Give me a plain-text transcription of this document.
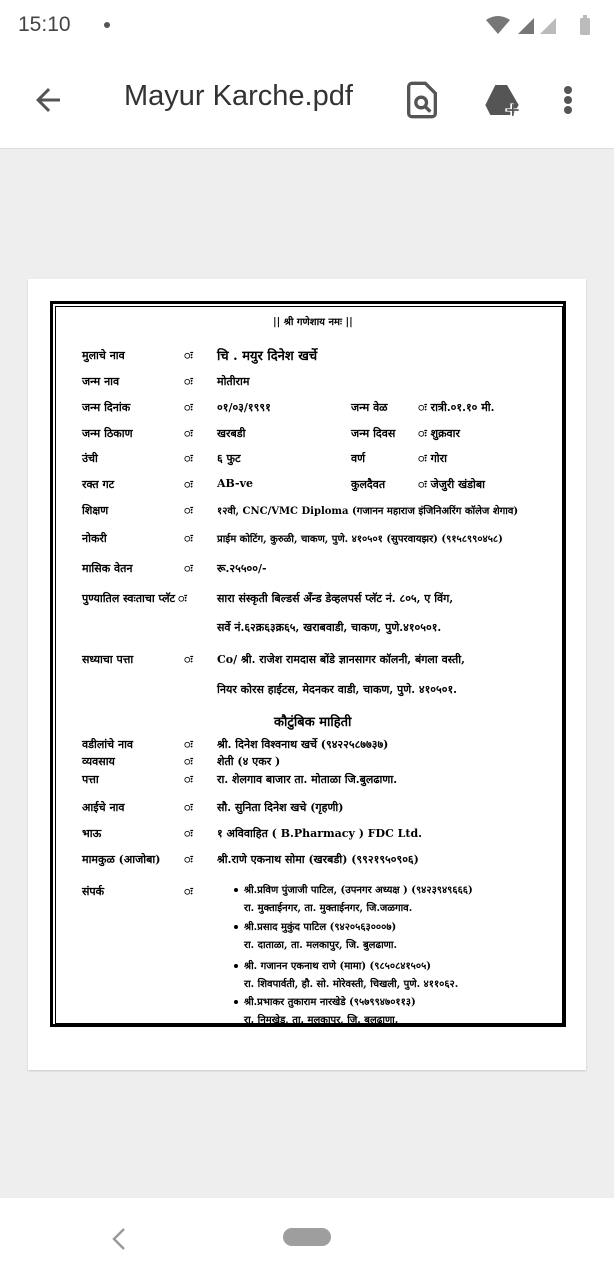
15:10
Mayur Karche.pdf
|| श्री गणेशाय नमः ||
मुलाचे नाव	ः चि . मयुर दिनेश खर्चे
जन्म नाव	ः मोतीराम
जन्म दिनांक	ः ०१/०३/१९९१	जन्म वेळ	ः रात्री.०१.१० मी.
जन्म ठिकाण	ः खरबडी	जन्म दिवस ः शुक्रवार
उंची	ः ६ फुट	वर्ण	ः गोरा
रक्त गट	ः AB-ve	कुलदैवत	ः जेजुरी खंडोबा
शिक्षण	ः १२वी, CNC/VMC Diploma (गजानन महाराज इंजिनिअरिंग कॉलेज शेगाव)
नोकरी	ः प्राईम कोटिंग, कुरुळी, चाकण, पुणे. ४१०५०१ (सुपरवायझर) (९१५८९९०४५८)
मासिक वेतन	ः रू.२५५००/-
पुण्यातिल स्वःताचा प्लॅट ः	सारा संस्कृती बिल्डर्स अँन्ड डेव्हलपर्स प्लॅट नं. ८०५, ए विंग,
सर्वे नं.६२क्र६३क्र६५, खराबवाडी, चाकण, पुणे.४१०५०१.
सध्याचा पत्ता	ः Co/ श्री. राजेश रामदास बोंडे ज्ञानसागर कॉलनी, बंगला वस्ती,
नियर कोरस हाईटस, मेदनकर वाडी, चाकण, पुणे. ४१०५०१.
कौटुंबिक माहिती
वडीलांचे नाव	ः श्री. दिनेश विश्वनाथ खर्चे (९४२२५८७७३७)
व्यवसाय	ः शेती (४ एकर )
पत्ता	ः रा. शेलगाव बाजार ता. मोताळा जि.बुलढाणा.
आईचे नाव	ः सौ. सुनिता दिनेश खचे (गृहणी)
भाऊ	ः १ अविवाहित ( B.Pharmacy ) FDC Ltd.
मामकुळ (आजोबा) ः श्री.राणे एकनाथ सोमा (खरबडी) (९९२१९५०९०६)
संपर्क	ः	श्री.प्रविण पुंजाजी पाटिल, (उपनगर अध्यक्ष ) (९४२३९४९६६६)
रा. मुक्ताईनगर, ता. मुक्ताईनगर, जि.जळगाव.
श्री.प्रसाद मुकुंद पाटिल (९४२०५६३०००७)
रा. दाताळा, ता. मलकापुर, जि. बुलढाणा.
श्री. गजानन एकनाथ राणे (मामा) (९८५०८४१५०५)
रा. शिवपार्वती, हौ. सो. मोरेवस्ती, चिखली, पुणे. ४११०६२.
श्री.प्रभाकर तुकाराम नारखेडे (९५७९९४७०११३)
रा. निमखेड, ता. मलकापुर, जि. बुलढाणा.
